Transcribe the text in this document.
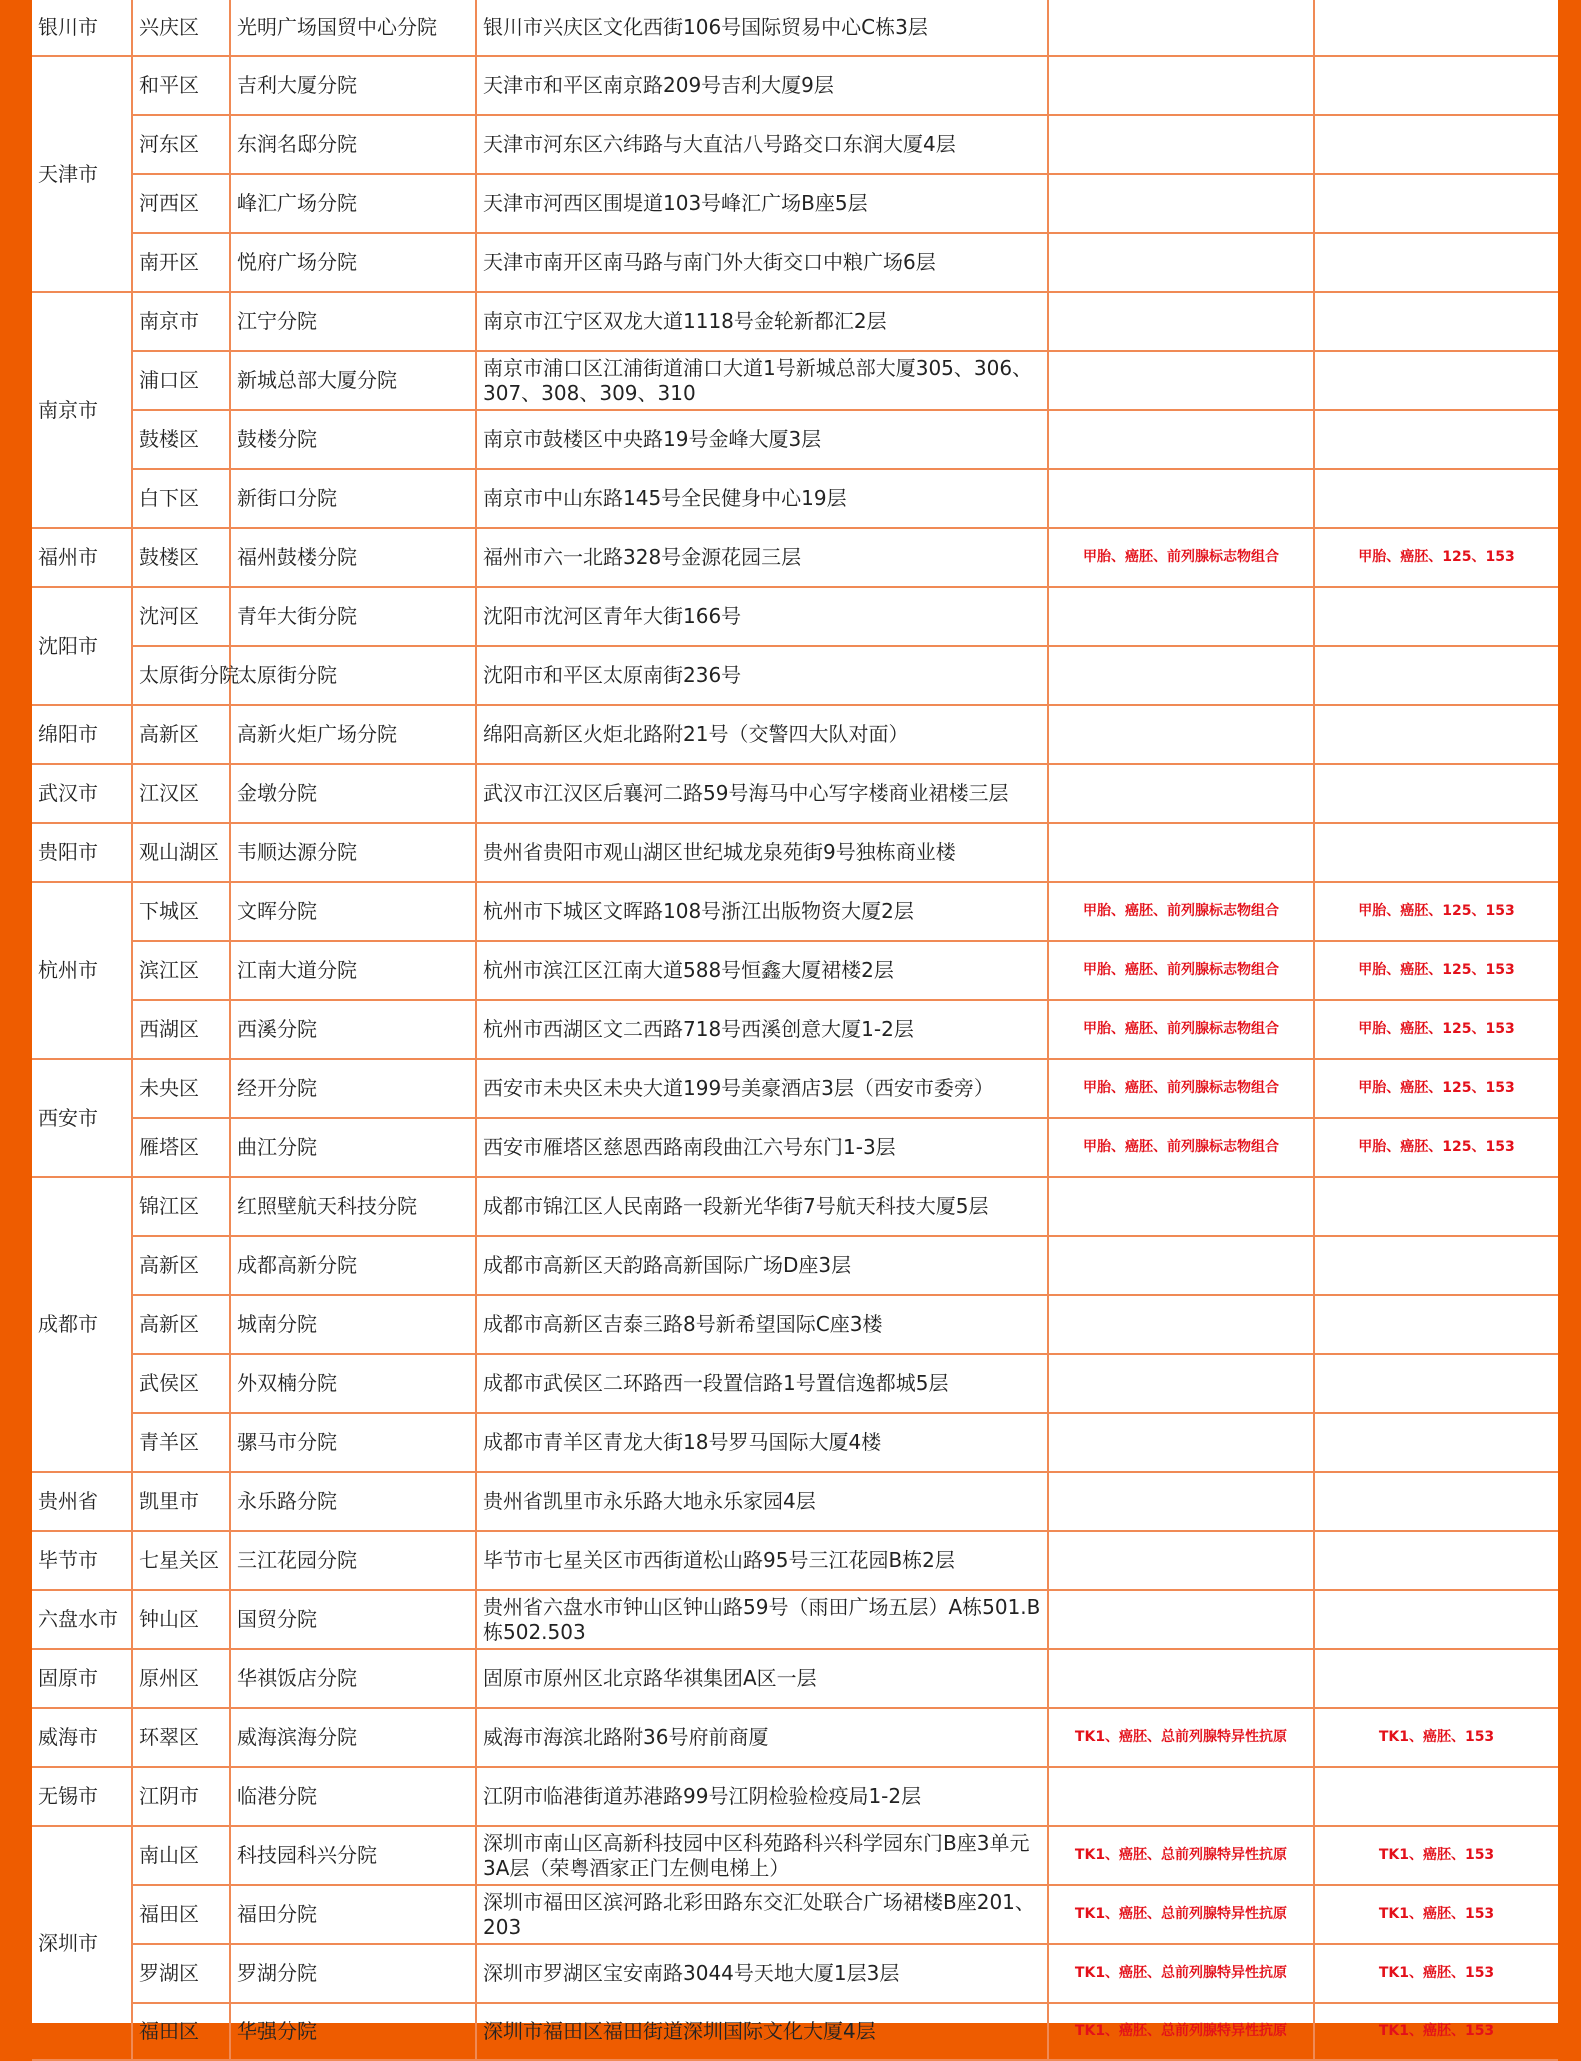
银川市	兴庆区	光明广场国贸中心分院	银川市兴庆区文化西街106号国际贸易中心C栋3层		
天津市	和平区	吉利大厦分院	天津市和平区南京路209号吉利大厦9层		
	河东区	东润名邸分院	天津市河东区六纬路与大直沽八号路交口东润大厦4层		
	河西区	峰汇广场分院	天津市河西区围堤道103号峰汇广场B座5层		
	南开区	悦府广场分院	天津市南开区南马路与南门外大街交口中粮广场6层		
南京市	南京市	江宁分院	南京市江宁区双龙大道1118号金轮新都汇2层		
	浦口区	新城总部大厦分院	南京市浦口区江浦街道浦口大道1号新城总部大厦305、306、307、308、309、310		
	鼓楼区	鼓楼分院	南京市鼓楼区中央路19号金峰大厦3层		
	白下区	新街口分院	南京市中山东路145号全民健身中心19层		
福州市	鼓楼区	福州鼓楼分院	福州市六一北路328号金源花园三层	甲胎、癌胚、前列腺标志物组合	甲胎、癌胚、125、153
沈阳市	沈河区	青年大街分院	沈阳市沈河区青年大街166号		
	太原街分院	太原街分院	沈阳市和平区太原南街236号		
绵阳市	高新区	高新火炬广场分院	绵阳高新区火炬北路附21号（交警四大队对面）		
武汉市	江汉区	金墩分院	武汉市江汉区后襄河二路59号海马中心写字楼商业裙楼三层		
贵阳市	观山湖区	韦顺达源分院	贵州省贵阳市观山湖区世纪城龙泉苑街9号独栋商业楼		
杭州市	下城区	文晖分院	杭州市下城区文晖路108号浙江出版物资大厦2层	甲胎、癌胚、前列腺标志物组合	甲胎、癌胚、125、153
	滨江区	江南大道分院	杭州市滨江区江南大道588号恒鑫大厦裙楼2层	甲胎、癌胚、前列腺标志物组合	甲胎、癌胚、125、153
	西湖区	西溪分院	杭州市西湖区文二西路718号西溪创意大厦1-2层	甲胎、癌胚、前列腺标志物组合	甲胎、癌胚、125、153
西安市	未央区	经开分院	西安市未央区未央大道199号美豪酒店3层（西安市委旁）	甲胎、癌胚、前列腺标志物组合	甲胎、癌胚、125、153
	雁塔区	曲江分院	西安市雁塔区慈恩西路南段曲江六号东门1-3层	甲胎、癌胚、前列腺标志物组合	甲胎、癌胚、125、153
成都市	锦江区	红照壁航天科技分院	成都市锦江区人民南路一段新光华街7号航天科技大厦5层		
	高新区	成都高新分院	成都市高新区天韵路高新国际广场D座3层		
	高新区	城南分院	成都市高新区吉泰三路8号新希望国际C座3楼		
	武侯区	外双楠分院	成都市武侯区二环路西一段置信路1号置信逸都城5层		
	青羊区	骡马市分院	成都市青羊区青龙大街18号罗马国际大厦4楼		
贵州省	凯里市	永乐路分院	贵州省凯里市永乐路大地永乐家园4层		
毕节市	七星关区	三江花园分院	毕节市七星关区市西街道松山路95号三江花园B栋2层		
六盘水市	钟山区	国贸分院	贵州省六盘水市钟山区钟山路59号（雨田广场五层）A栋501.B栋502.503		
固原市	原州区	华祺饭店分院	固原市原州区北京路华祺集团A区一层		
威海市	环翠区	威海滨海分院	威海市海滨北路附36号府前商厦	TK1、癌胚、总前列腺特异性抗原	TK1、癌胚、153
无锡市	江阴市	临港分院	江阴市临港街道苏港路99号江阴检验检疫局1-2层		
深圳市	南山区	科技园科兴分院	深圳市南山区高新科技园中区科苑路科兴科学园东门B座3单元3A层（荣粤酒家正门左侧电梯上）	TK1、癌胚、总前列腺特异性抗原	TK1、癌胚、153
	福田区	福田分院	深圳市福田区滨河路北彩田路东交汇处联合广场裙楼B座201、203	TK1、癌胚、总前列腺特异性抗原	TK1、癌胚、153
	罗湖区	罗湖分院	深圳市罗湖区宝安南路3044号天地大厦1层3层	TK1、癌胚、总前列腺特异性抗原	TK1、癌胚、153
	福田区	华强分院	深圳市福田区福田街道深圳国际文化大厦4层	TK1、癌胚、总前列腺特异性抗原	TK1、癌胚、153
